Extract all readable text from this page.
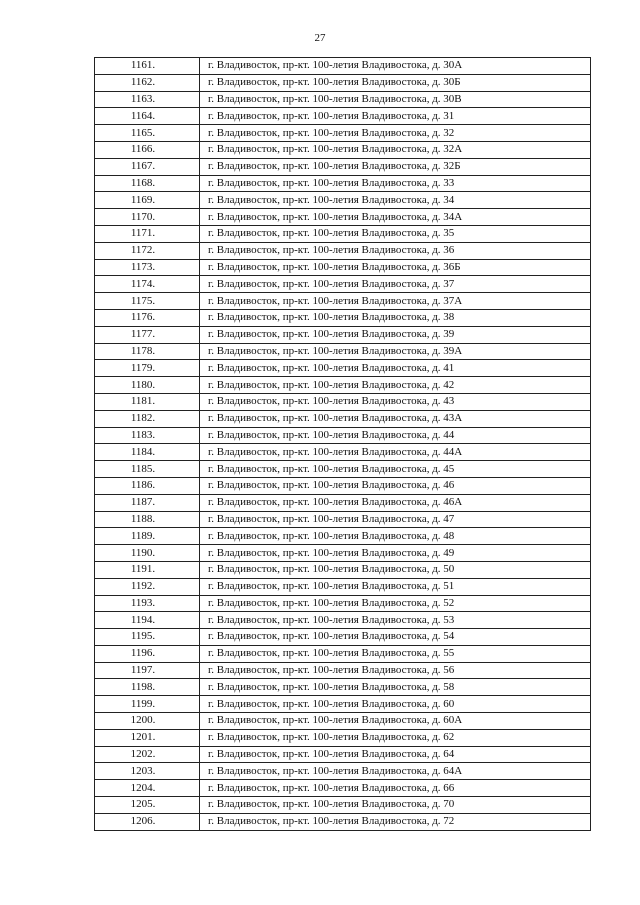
27
1161.	г. Владивосток, пр-кт. 100-летия Владивостока, д. 30А
1162.	г. Владивосток, пр-кт. 100-летия Владивостока, д. 30Б
1163.	г. Владивосток, пр-кт. 100-летия Владивостока, д. 30В
1164.	г. Владивосток, пр-кт. 100-летия Владивостока, д. 31
1165.	г. Владивосток, пр-кт. 100-летия Владивостока, д. 32
1166.	г. Владивосток, пр-кт. 100-летия Владивостока, д. 32А
1167.	г. Владивосток, пр-кт. 100-летия Владивостока, д. 32Б
1168.	г. Владивосток, пр-кт. 100-летия Владивостока, д. 33
1169.	г. Владивосток, пр-кт. 100-летия Владивостока, д. 34
1170.	г. Владивосток, пр-кт. 100-летия Владивостока, д. 34А
1171.	г. Владивосток, пр-кт. 100-летия Владивостока, д. 35
1172.	г. Владивосток, пр-кт. 100-летия Владивостока, д. 36
1173.	г. Владивосток, пр-кт. 100-летия Владивостока, д. 36Б
1174.	г. Владивосток, пр-кт. 100-летия Владивостока, д. 37
1175.	г. Владивосток, пр-кт. 100-летия Владивостока, д. 37А
1176.	г. Владивосток, пр-кт. 100-летия Владивостока, д. 38
1177.	г. Владивосток, пр-кт. 100-летия Владивостока, д. 39
1178.	г. Владивосток, пр-кт. 100-летия Владивостока, д. 39А
1179.	г. Владивосток, пр-кт. 100-летия Владивостока, д. 41
1180.	г. Владивосток, пр-кт. 100-летия Владивостока, д. 42
1181.	г. Владивосток, пр-кт. 100-летия Владивостока, д. 43
1182.	г. Владивосток, пр-кт. 100-летия Владивостока, д. 43А
1183.	г. Владивосток, пр-кт. 100-летия Владивостока, д. 44
1184.	г. Владивосток, пр-кт. 100-летия Владивостока, д. 44А
1185.	г. Владивосток, пр-кт. 100-летия Владивостока, д. 45
1186.	г. Владивосток, пр-кт. 100-летия Владивостока, д. 46
1187.	г. Владивосток, пр-кт. 100-летия Владивостока, д. 46А
1188.	г. Владивосток, пр-кт. 100-летия Владивостока, д. 47
1189.	г. Владивосток, пр-кт. 100-летия Владивостока, д. 48
1190.	г. Владивосток, пр-кт. 100-летия Владивостока, д. 49
1191.	г. Владивосток, пр-кт. 100-летия Владивостока, д. 50
1192.	г. Владивосток, пр-кт. 100-летия Владивостока, д. 51
1193.	г. Владивосток, пр-кт. 100-летия Владивостока, д. 52
1194.	г. Владивосток, пр-кт. 100-летия Владивостока, д. 53
1195.	г. Владивосток, пр-кт. 100-летия Владивостока, д. 54
1196.	г. Владивосток, пр-кт. 100-летия Владивостока, д. 55
1197.	г. Владивосток, пр-кт. 100-летия Владивостока, д. 56
1198.	г. Владивосток, пр-кт. 100-летия Владивостока, д. 58
1199.	г. Владивосток, пр-кт. 100-летия Владивостока, д. 60
1200.	г. Владивосток, пр-кт. 100-летия Владивостока, д. 60А
1201.	г. Владивосток, пр-кт. 100-летия Владивостока, д. 62
1202.	г. Владивосток, пр-кт. 100-летия Владивостока, д. 64
1203.	г. Владивосток, пр-кт. 100-летия Владивостока, д. 64А
1204.	г. Владивосток, пр-кт. 100-летия Владивостока, д. 66
1205.	г. Владивосток, пр-кт. 100-летия Владивостока, д. 70
1206.	г. Владивосток, пр-кт. 100-летия Владивостока, д. 72
